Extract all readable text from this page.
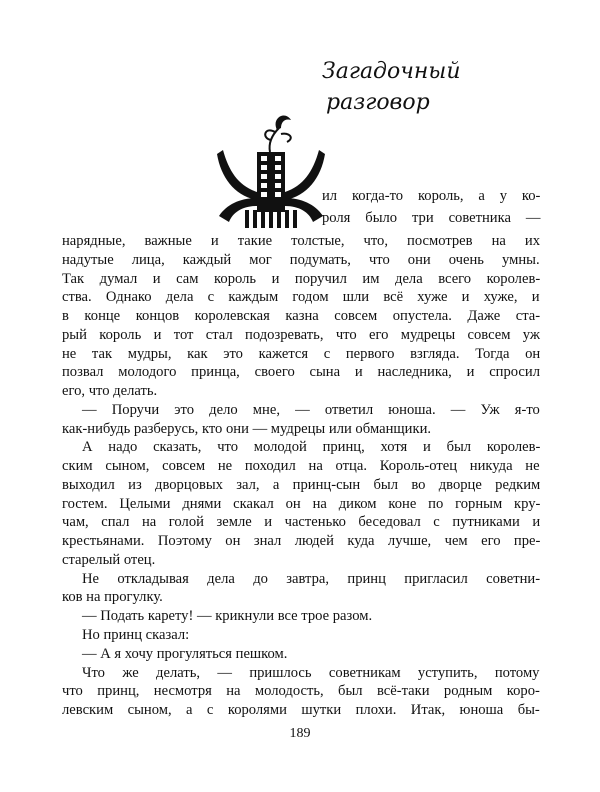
Загадочный
разговор
ил когда-то король, а у ко-
роля было три советника —
нарядные, важные и такие толстые, что, посмотрев на их
надутые лица, каждый мог подумать, что они очень умны.
Так думал и сам король и поручил им дела всего королев-
ства. Однако дела с каждым годом шли всё хуже и хуже, и
в конце концов королевская казна совсем опустела. Даже ста-
рый король и тот стал подозревать, что его мудрецы совсем уж
не так мудры, как это кажется с первого взгляда. Тогда он
позвал молодого принца, своего сына и наследника, и спросил
его, что делать.
— Поручи это дело мне, — ответил юноша. — Уж я-то
как-нибудь разберусь, кто они — мудрецы или обманщики.
А надо сказать, что молодой принц, хотя и был королев-
ским сыном, совсем не походил на отца. Король-отец никуда не
выходил из дворцовых зал, а принц-сын был во дворце редким
гостем. Целыми днями скакал он на диком коне по горным кру-
чам, спал на голой земле и частенько беседовал с путниками и
крестьянами. Поэтому он знал людей куда лучше, чем его пре-
старелый отец.
Не откладывая дела до завтра, принц пригласил советни-
ков на прогулку.
— Подать карету! — крикнули все трое разом.
Но принц сказал:
— А я хочу прогуляться пешком.
Что же делать, — пришлось советникам уступить, потому
что принц, несмотря на молодость, был всё-таки родным коро-
левским сыном, а с королями шутки плохи. Итак, юноша бы-
189
